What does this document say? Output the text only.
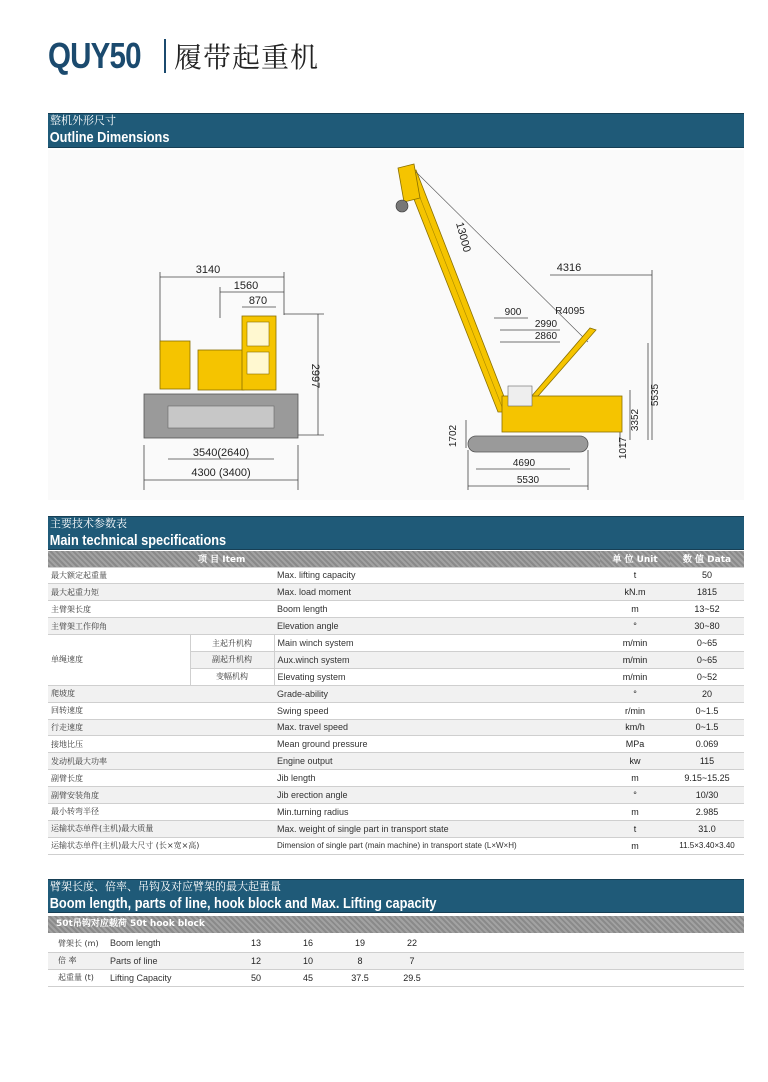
QUY50 履带起重机
整机外形尺寸
Outline Dimensions
3140
1560
870
2997
3540(2640)
4300 (3400)
13000
4316
900	R4095
2990
2860
5535
3352
1702
1017
4690
5530
主要技术参数表
Main technical specifications
项 目 Item			单 位 Unit	数 值 Data
最大额定起重量		Max. lifting capacity	t	50
最大起重力矩		Max. load moment	kN.m	1815
主臂架长度		Boom length	m	13~52
主臂架工作仰角		Elevation angle	°	30~80
单绳速度	主起升机构	Main winch system	m/min	0~65
	副起升机构	Aux.winch system	m/min	0~65
	变幅机构	Elevating system	m/min	0~52
爬坡度		Grade-ability	°	20
回转速度		Swing speed	r/min	0~1.5
行走速度		Max. travel speed	km/h	0~1.5
接地比压		Mean ground pressure	MPa	0.069
发动机最大功率		Engine output	kw	115
副臂长度		Jib length	m	9.15~15.25
副臂安装角度		Jib erection angle	°	10/30
最小转弯半径		Min.turning radius	m	2.985
运输状态单件(主机)最大质量		Max. weight of single part in transport state	t	31.0
运输状态单件(主机)最大尺寸 (长×宽×高)		Dimension of single part (main machine) in transport state (L×W×H)	m	11.5×3.40×3.40
臂架长度、倍率、吊钩及对应臂架的最大起重量
Boom length, parts of line, hook block and Max. Lifting capacity
50t吊钩对应载荷 50t hook block
臂架长 (m)	Boom length	13	16	19	22	
倍 率	Parts of line	12	10	8	7	
起重量 (t)	Lifting Capacity	50	45	37.5	29.5	
